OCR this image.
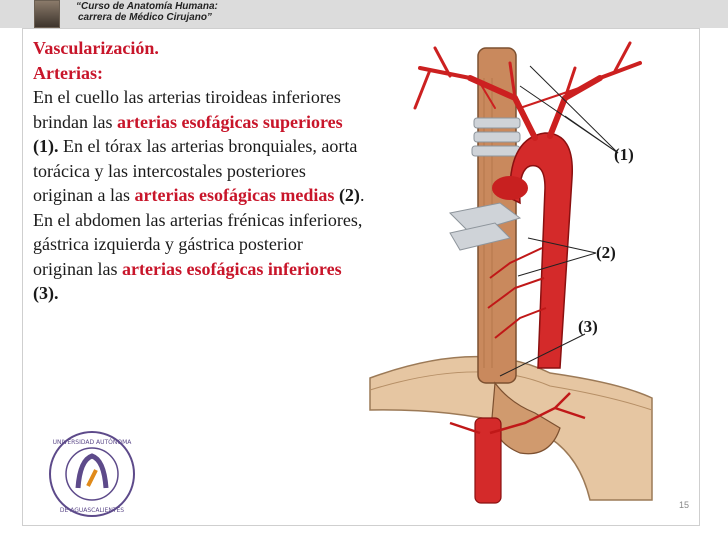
“Curso de Anatomía Humana:
carrera de Médico Cirujano”
Vascularización.
Arterias:
En el cuello las arterias tiroideas inferiores brindan las arterias esofágicas superiores (1). En el tórax las arterias bronquiales, aorta torácica y las intercostales posteriores originan a las arterias esofágicas medias (2). En el abdomen las arterias frénicas inferiores, gástrica izquierda y gástrica posterior originan las arterias esofágicas inferiores (3).
(1)
(2)
(3)
UNIVERSIDAD AUTÓNOMA
DE AGUASCALIENTES
15
